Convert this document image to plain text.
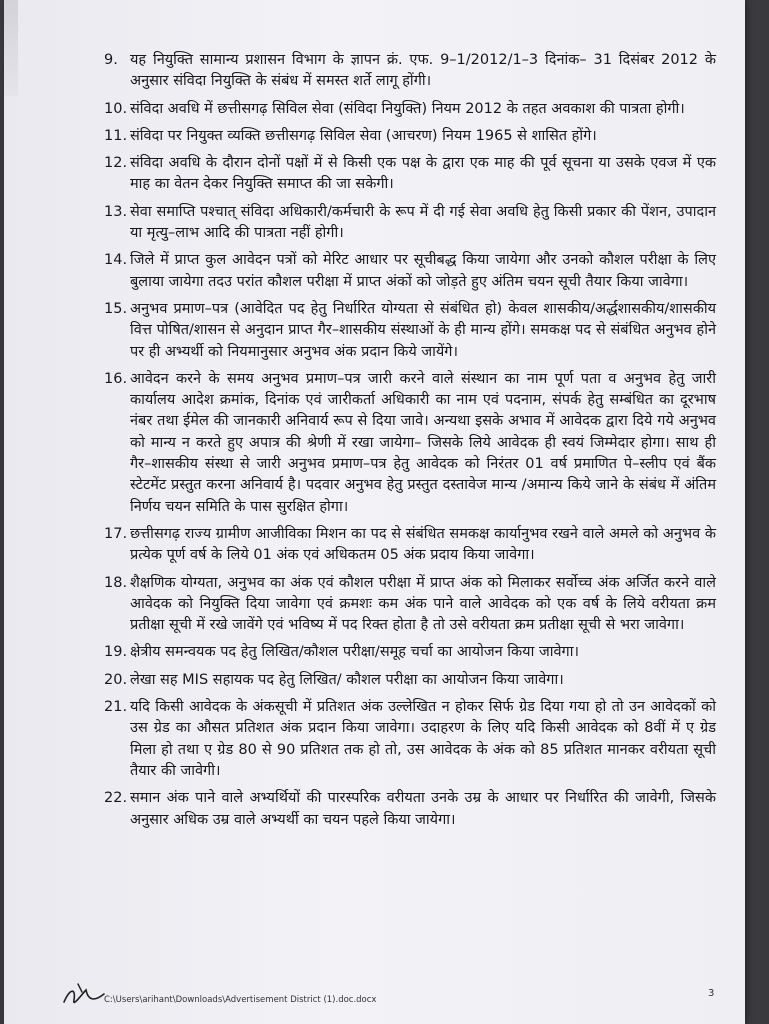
9. यह नियुक्ति सामान्य प्रशासन विभाग के ज्ञापन क्रं. एफ. 9–1/2012/1–3 दिनांक– 31 दिसंबर 2012 के अनुसार संविदा नियुक्ति के संबंध में समस्त शर्ते लागू होंगी।
10. संविदा अवधि में छत्तीसगढ़ सिविल सेवा (संविदा नियुक्ति) नियम 2012 के तहत अवकाश की पात्रता होगी।
11. संविदा पर नियुक्त व्यक्ति छत्तीसगढ़ सिविल सेवा (आचरण) नियम 1965 से शासित होंगे।
12. संविदा अवधि के दौरान दोनों पक्षों में से किसी एक पक्ष के द्वारा एक माह की पूर्व सूचना या उसके एवज में एक माह का वेतन देकर नियुक्ति समाप्त की जा सकेगी।
13. सेवा समाप्ति पश्चात् संविदा अधिकारी/कर्मचारी के रूप में दी गई सेवा अवधि हेतु किसी प्रकार की पेंशन, उपादान या मृत्यु–लाभ आदि की पात्रता नहीं होगी।
14. जिले में प्राप्त कुल आवेदन पत्रों को मेरिट आधार पर सूचीबद्ध किया जायेगा और उनको कौशल परीक्षा के लिए बुलाया जायेगा तदउ परांत कौशल परीक्षा में प्राप्त अंकों को जोड़ते हुए अंतिम चयन सूची तैयार किया जावेगा।
15. अनुभव प्रमाण–पत्र (आवेदित पद हेतु निर्धारित योग्यता से संबंधित हो) केवल शासकीय/अर्द्धशासकीय/शासकीय वित्त पोषित/शासन से अनुदान प्राप्त गैर–शासकीय संस्थाओं के ही मान्य होंगे। समकक्ष पद से संबंधित अनुभव होने पर ही अभ्यर्थी को नियमानुसार अनुभव अंक प्रदान किये जायेंगे।
16. आवेदन करने के समय अनुभव प्रमाण–पत्र जारी करने वाले संस्थान का नाम पूर्ण पता व अनुभव हेतु जारी कार्यालय आदेश क्रमांक, दिनांक एवं जारीकर्ता अधिकारी का नाम एवं पदनाम, संपर्क हेतु सम्बंधित का दूरभाष नंबर तथा ईमेल की जानकारी अनिवार्य रूप से दिया जावे। अन्यथा इसके अभाव में आवेदक द्वारा दिये गये अनुभव को मान्य न करते हुए अपात्र की श्रेणी में रखा जायेगा– जिसके लिये आवेदक ही स्वयं जिम्मेदार होगा। साथ ही गैर–शासकीय संस्था से जारी अनुभव प्रमाण–पत्र हेतु आवेदक को निरंतर 01 वर्ष प्रमाणित पे–स्लीप एवं बैंक स्टेटमेंट प्रस्तुत करना अनिवार्य है। पदवार अनुभव हेतु प्रस्तुत दस्तावेज मान्य /अमान्य किये जाने के संबंध में अंतिम निर्णय चयन समिति के पास सुरक्षित होगा।
17. छत्तीसगढ़ राज्य ग्रामीण आजीविका मिशन का पद से संबंधित समकक्ष कार्यानुभव रखने वाले अमले को अनुभव के प्रत्येक पूर्ण वर्ष के लिये 01 अंक एवं अधिकतम 05 अंक प्रदाय किया जावेगा।
18. शैक्षणिक योग्यता, अनुभव का अंक एवं कौशल परीक्षा में प्राप्त अंक को मिलाकर सर्वोच्च अंक अर्जित करने वाले आवेदक को नियुक्ति दिया जावेगा एवं क्रमशः कम अंक पाने वाले आवेदक को एक वर्ष के लिये वरीयता क्रम प्रतीक्षा सूची में रखे जावेंगे एवं भविष्य में पद रिक्त होता है तो उसे वरीयता क्रम प्रतीक्षा सूची से भरा जावेगा।
19. क्षेत्रीय समन्वयक पद हेतु लिखित/कौशल परीक्षा/समूह चर्चा का आयोजन किया जावेगा।
20. लेखा सह MIS सहायक पद हेतु लिखित/ कौशल परीक्षा का आयोजन किया जावेगा।
21. यदि किसी आवेदक के अंकसूची में प्रतिशत अंक उल्लेखित न होकर सिर्फ ग्रेड दिया गया हो तो उन आवेदकों को उस ग्रेड का औसत प्रतिशत अंक प्रदान किया जावेगा। उदाहरण के लिए यदि किसी आवेदक को 8वीं में ए ग्रेड मिला हो तथा ए ग्रेड 80 से 90 प्रतिशत तक हो तो, उस आवेदक के अंक को 85 प्रतिशत मानकर वरीयता सूची तैयार की जावेगी।
22. समान अंक पाने वाले अभ्यर्थियों की पारस्परिक वरीयता उनके उम्र के आधार पर निर्धारित की जावेगी, जिसके अनुसार अधिक उम्र वाले अभ्यर्थी का चयन पहले किया जायेगा।
C:\Users\arihant\Downloads\Advertisement District (1).doc.docx
3
